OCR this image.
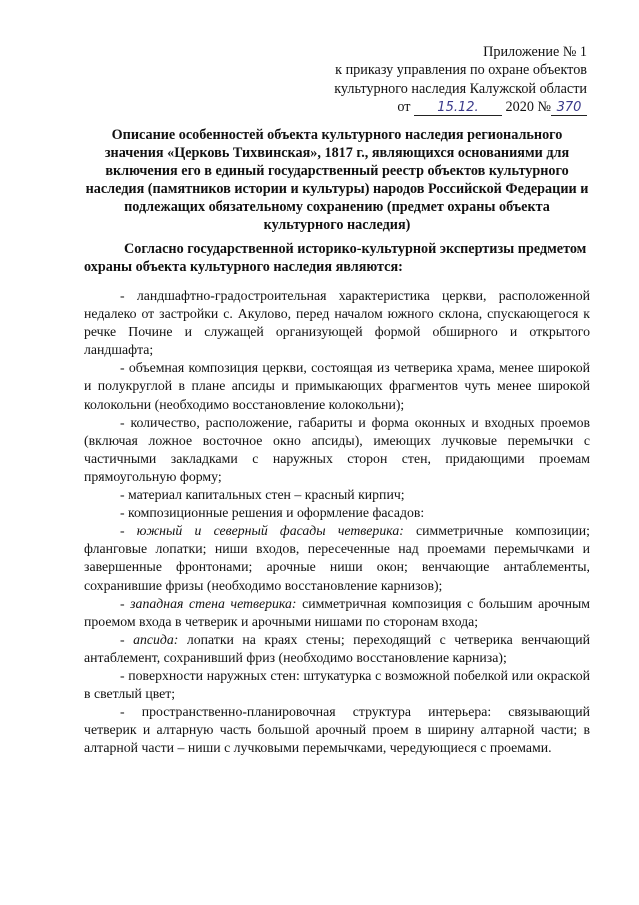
Приложение № 1
к приказу управления по охране объектов
культурного наследия Калужской области
от 15.12. 2020 № 370
Описание особенностей объекта культурного наследия регионального
значения «Церковь Тихвинская», 1817 г., являющихся основаниями для
включения его в единый государственный реестр объектов культурного
наследия (памятников истории и культуры) народов Российской Федерации и
подлежащих обязательному сохранению (предмет охраны объекта
культурного наследия)
Согласно государственной историко-культурной экспертизы предметом
охраны объекта культурного наследия являются:

- ландшафтно-градостроительная характеристика церкви, расположенной недалеко от застройки с. Акулово, перед началом южного склона, спускающегося к речке Почине и служащей организующей формой обширного и открытого ландшафта;

- объемная композиция церкви, состоящая из четверика храма, менее широкой и полукруглой в плане апсиды и примыкающих фрагментов чуть менее широкой колокольни (необходимо восстановление колокольни);

- количество, расположение, габариты и форма оконных и входных проемов (включая ложное восточное окно апсиды), имеющих лучковые перемычки с частичными закладками с наружных сторон стен, придающими проемам прямоугольную форму;

- материал капитальных стен – красный кирпич;

- композиционные решения и оформление фасадов:

- южный и северный фасады четверика: симметричные композиции; фланговые лопатки; ниши входов, пересеченные над проемами перемычками и завершенные фронтонами; арочные ниши окон; венчающие антаблементы, сохранившие фризы (необходимо восстановление карнизов);

- западная стена четверика: симметричная композиция с большим арочным проемом входа в четверик и арочными нишами по сторонам входа;

- апсида: лопатки на краях стены; переходящий с четверика венчающий антаблемент, сохранивший фриз (необходимо восстановление карниза);

- поверхности наружных стен: штукатурка с возможной побелкой или окраской в светлый цвет;

- пространственно-планировочная структура интерьера: связывающий четверик и алтарную часть большой арочный проем в ширину алтарной части; в алтарной части – ниши с лучковыми перемычками, чередующиеся с проемами.
